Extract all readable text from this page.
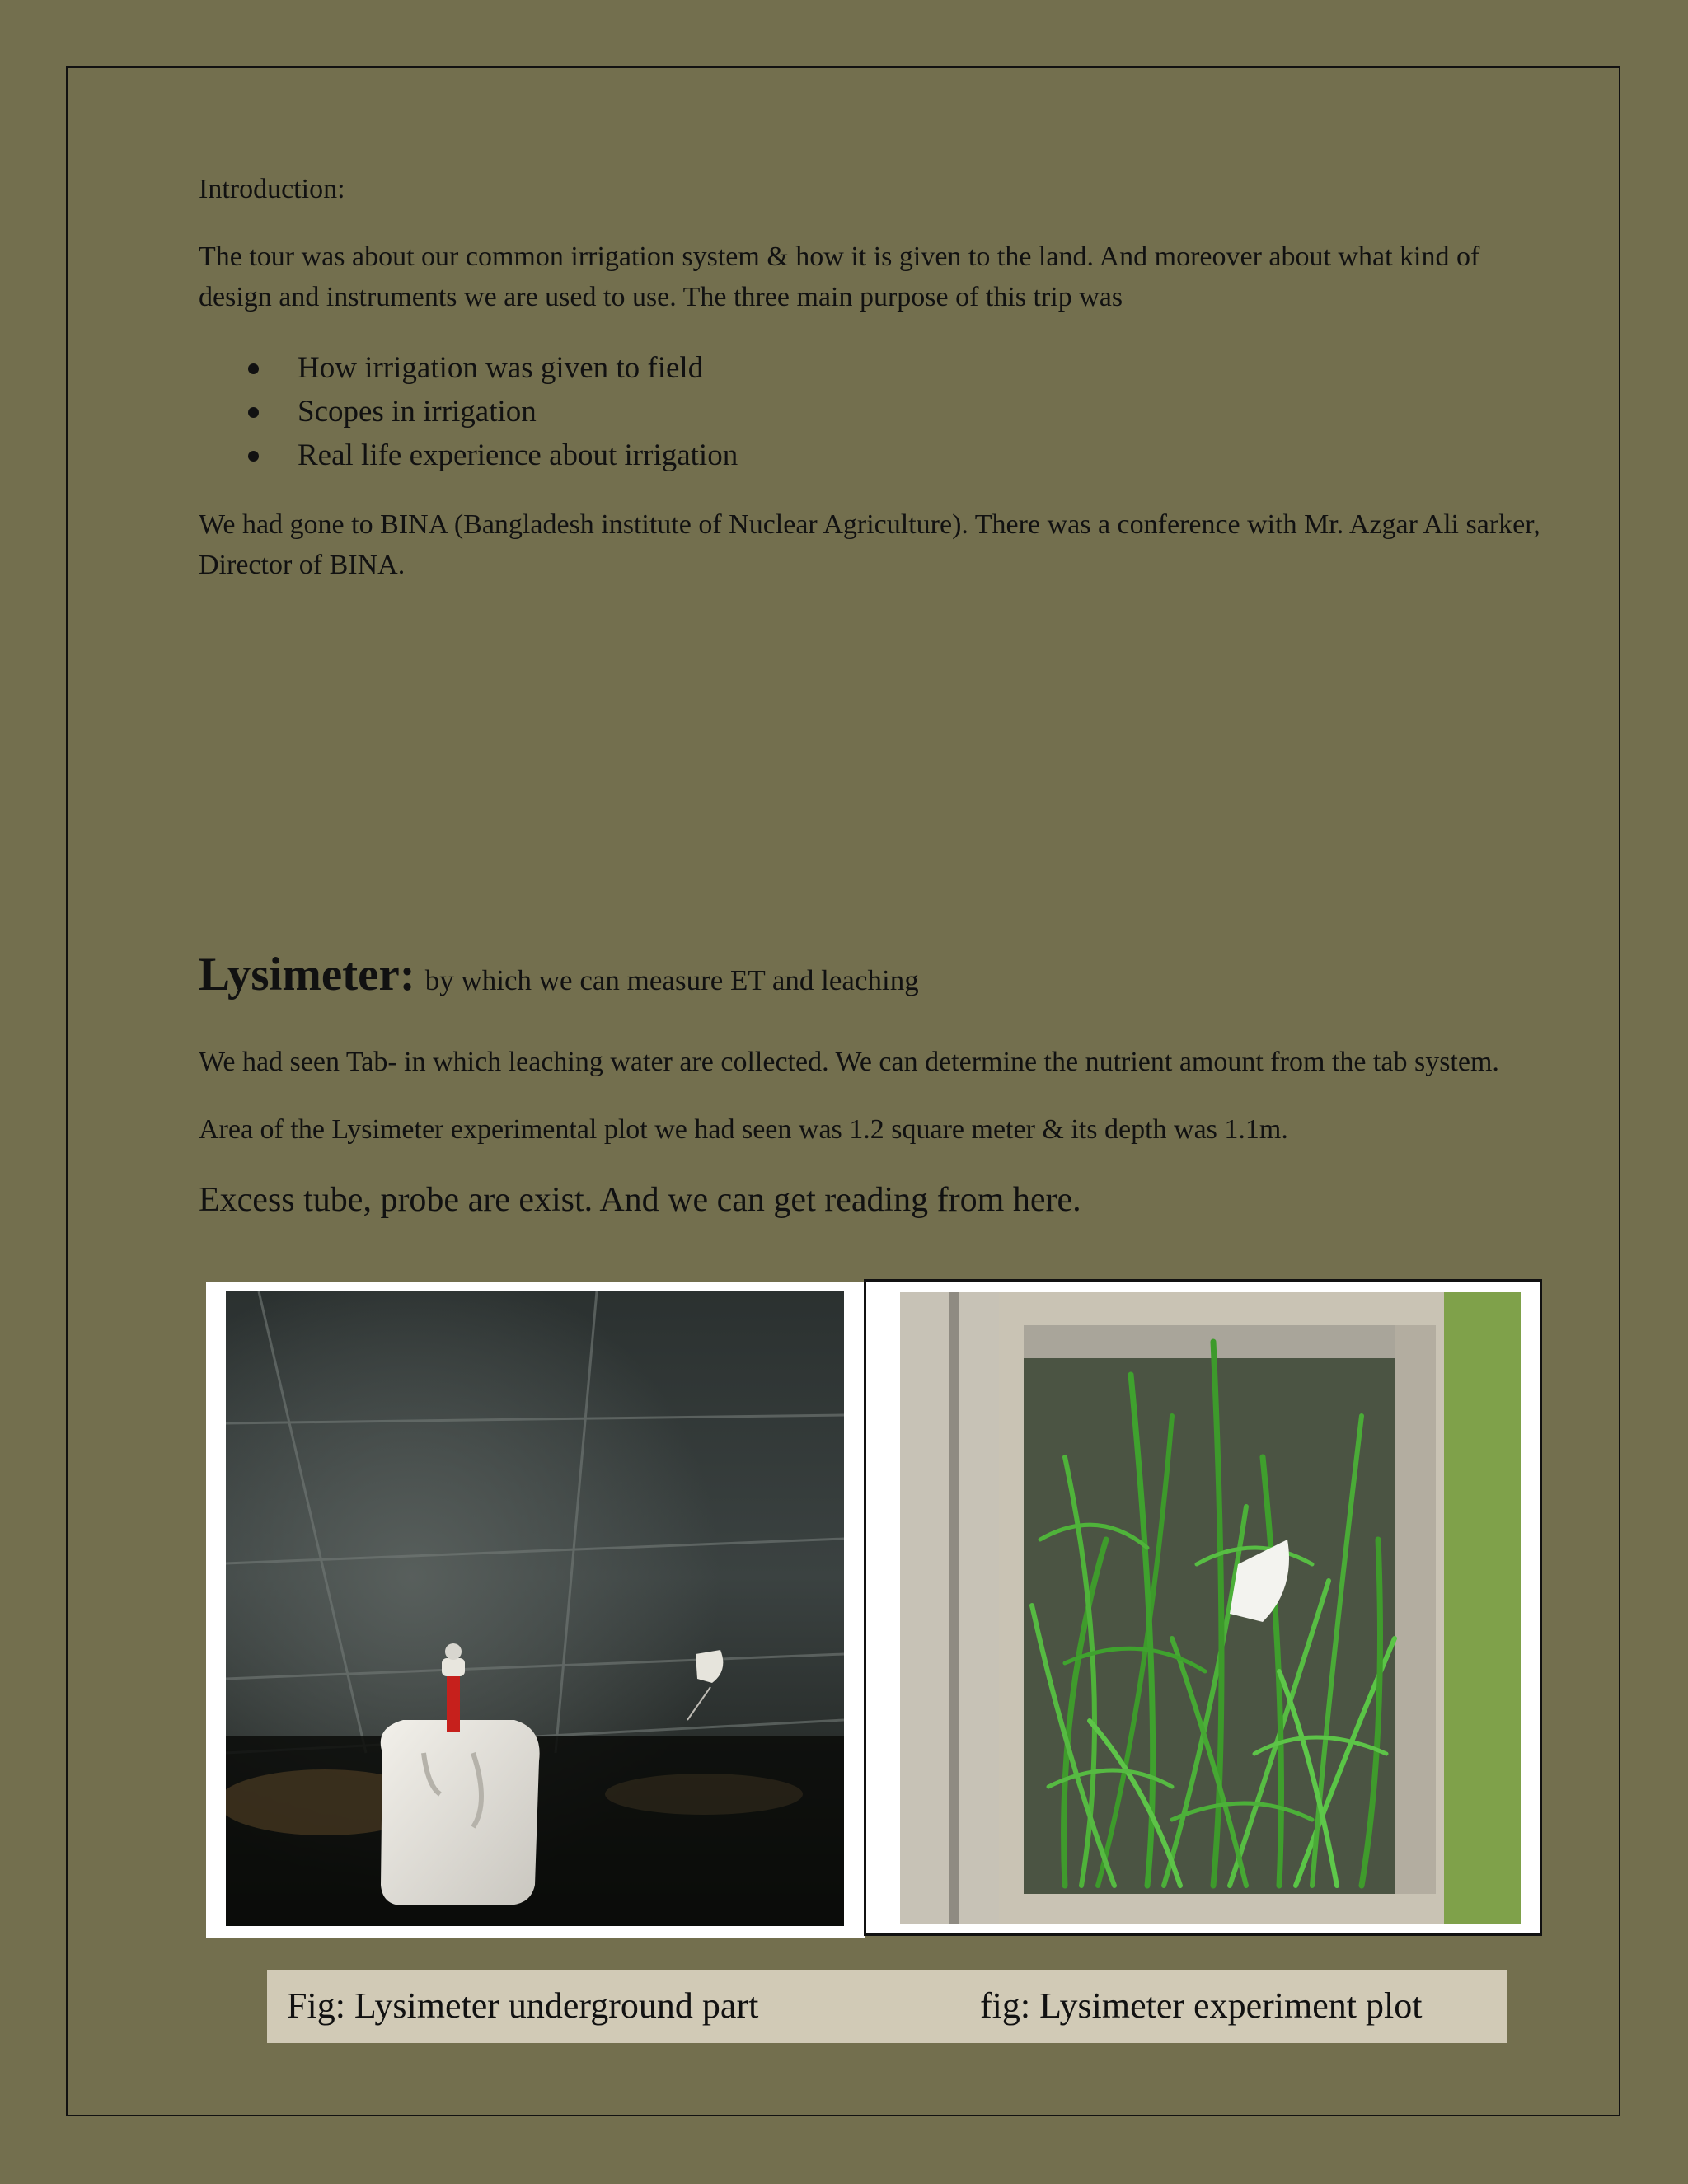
Introduction:

The tour was about our common irrigation system & how it is given to the land. And moreover about what kind of design and instruments we are used to use. The three main purpose of this trip was

How irrigation was given to field
Scopes in irrigation
Real life experience about irrigation

We had gone to BINA (Bangladesh institute of Nuclear Agriculture). There was a conference with Mr. Azgar Ali sarker, Director of BINA.

Lysimeter: by which we can measure ET and leaching

We had seen Tab- in which leaching water are collected. We can determine the nutrient amount from the tab system.

Area of the Lysimeter experimental plot we had seen was 1.2 square meter & its depth was 1.1m.

Excess tube, probe are exist. And we can get reading from here.

Fig: Lysimeter underground part	fig: Lysimeter experiment plot
